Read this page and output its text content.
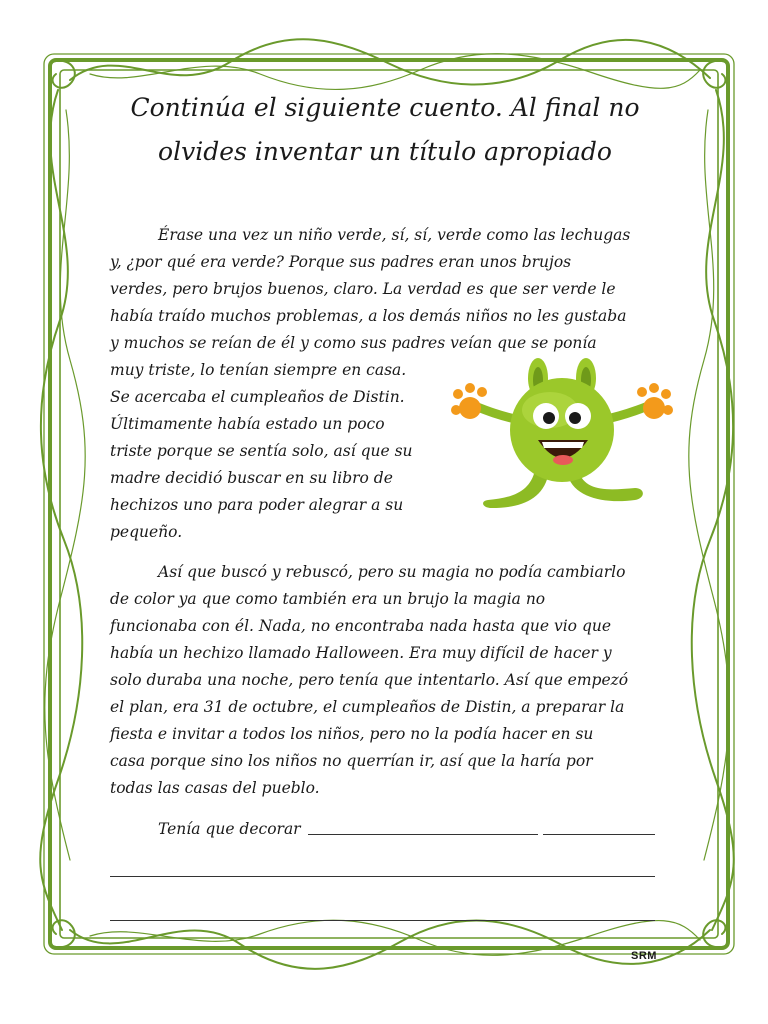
Continúa el siguiente cuento. Al final no
olvides inventar un título apropiado
Érase una vez un niño verde, sí, sí, verde como las lechugas
y, ¿por qué era verde? Porque sus padres eran unos brujos
verdes, pero brujos buenos, claro. La verdad es que ser verde le
había traído muchos problemas, a los demás niños no les gustaba
y muchos se reían de él y como sus padres veían que se ponía
muy triste, lo tenían siempre en casa.
Se acercaba el cumpleaños de Distin.
Últimamente había estado un poco
triste porque se sentía solo, así que su
madre decidió buscar en su libro de
hechizos uno para poder alegrar a su
pequeño.
Así que buscó y rebuscó, pero su magia no podía cambiarlo
de color ya que como también era un brujo la magia no
funcionaba con él. Nada, no encontraba nada hasta que vio que
había un hechizo llamado Halloween. Era muy difícil de hacer y
solo duraba una noche, pero tenía que intentarlo. Así que empezó
el plan, era 31 de octubre, el cumpleaños de Distin, a preparar la
fiesta e invitar a todos los niños, pero no la podía hacer en su
casa porque sino los niños no querrían ir, así que la haría por
todas las casas del pueblo.
Tenía que decorar
SRM
